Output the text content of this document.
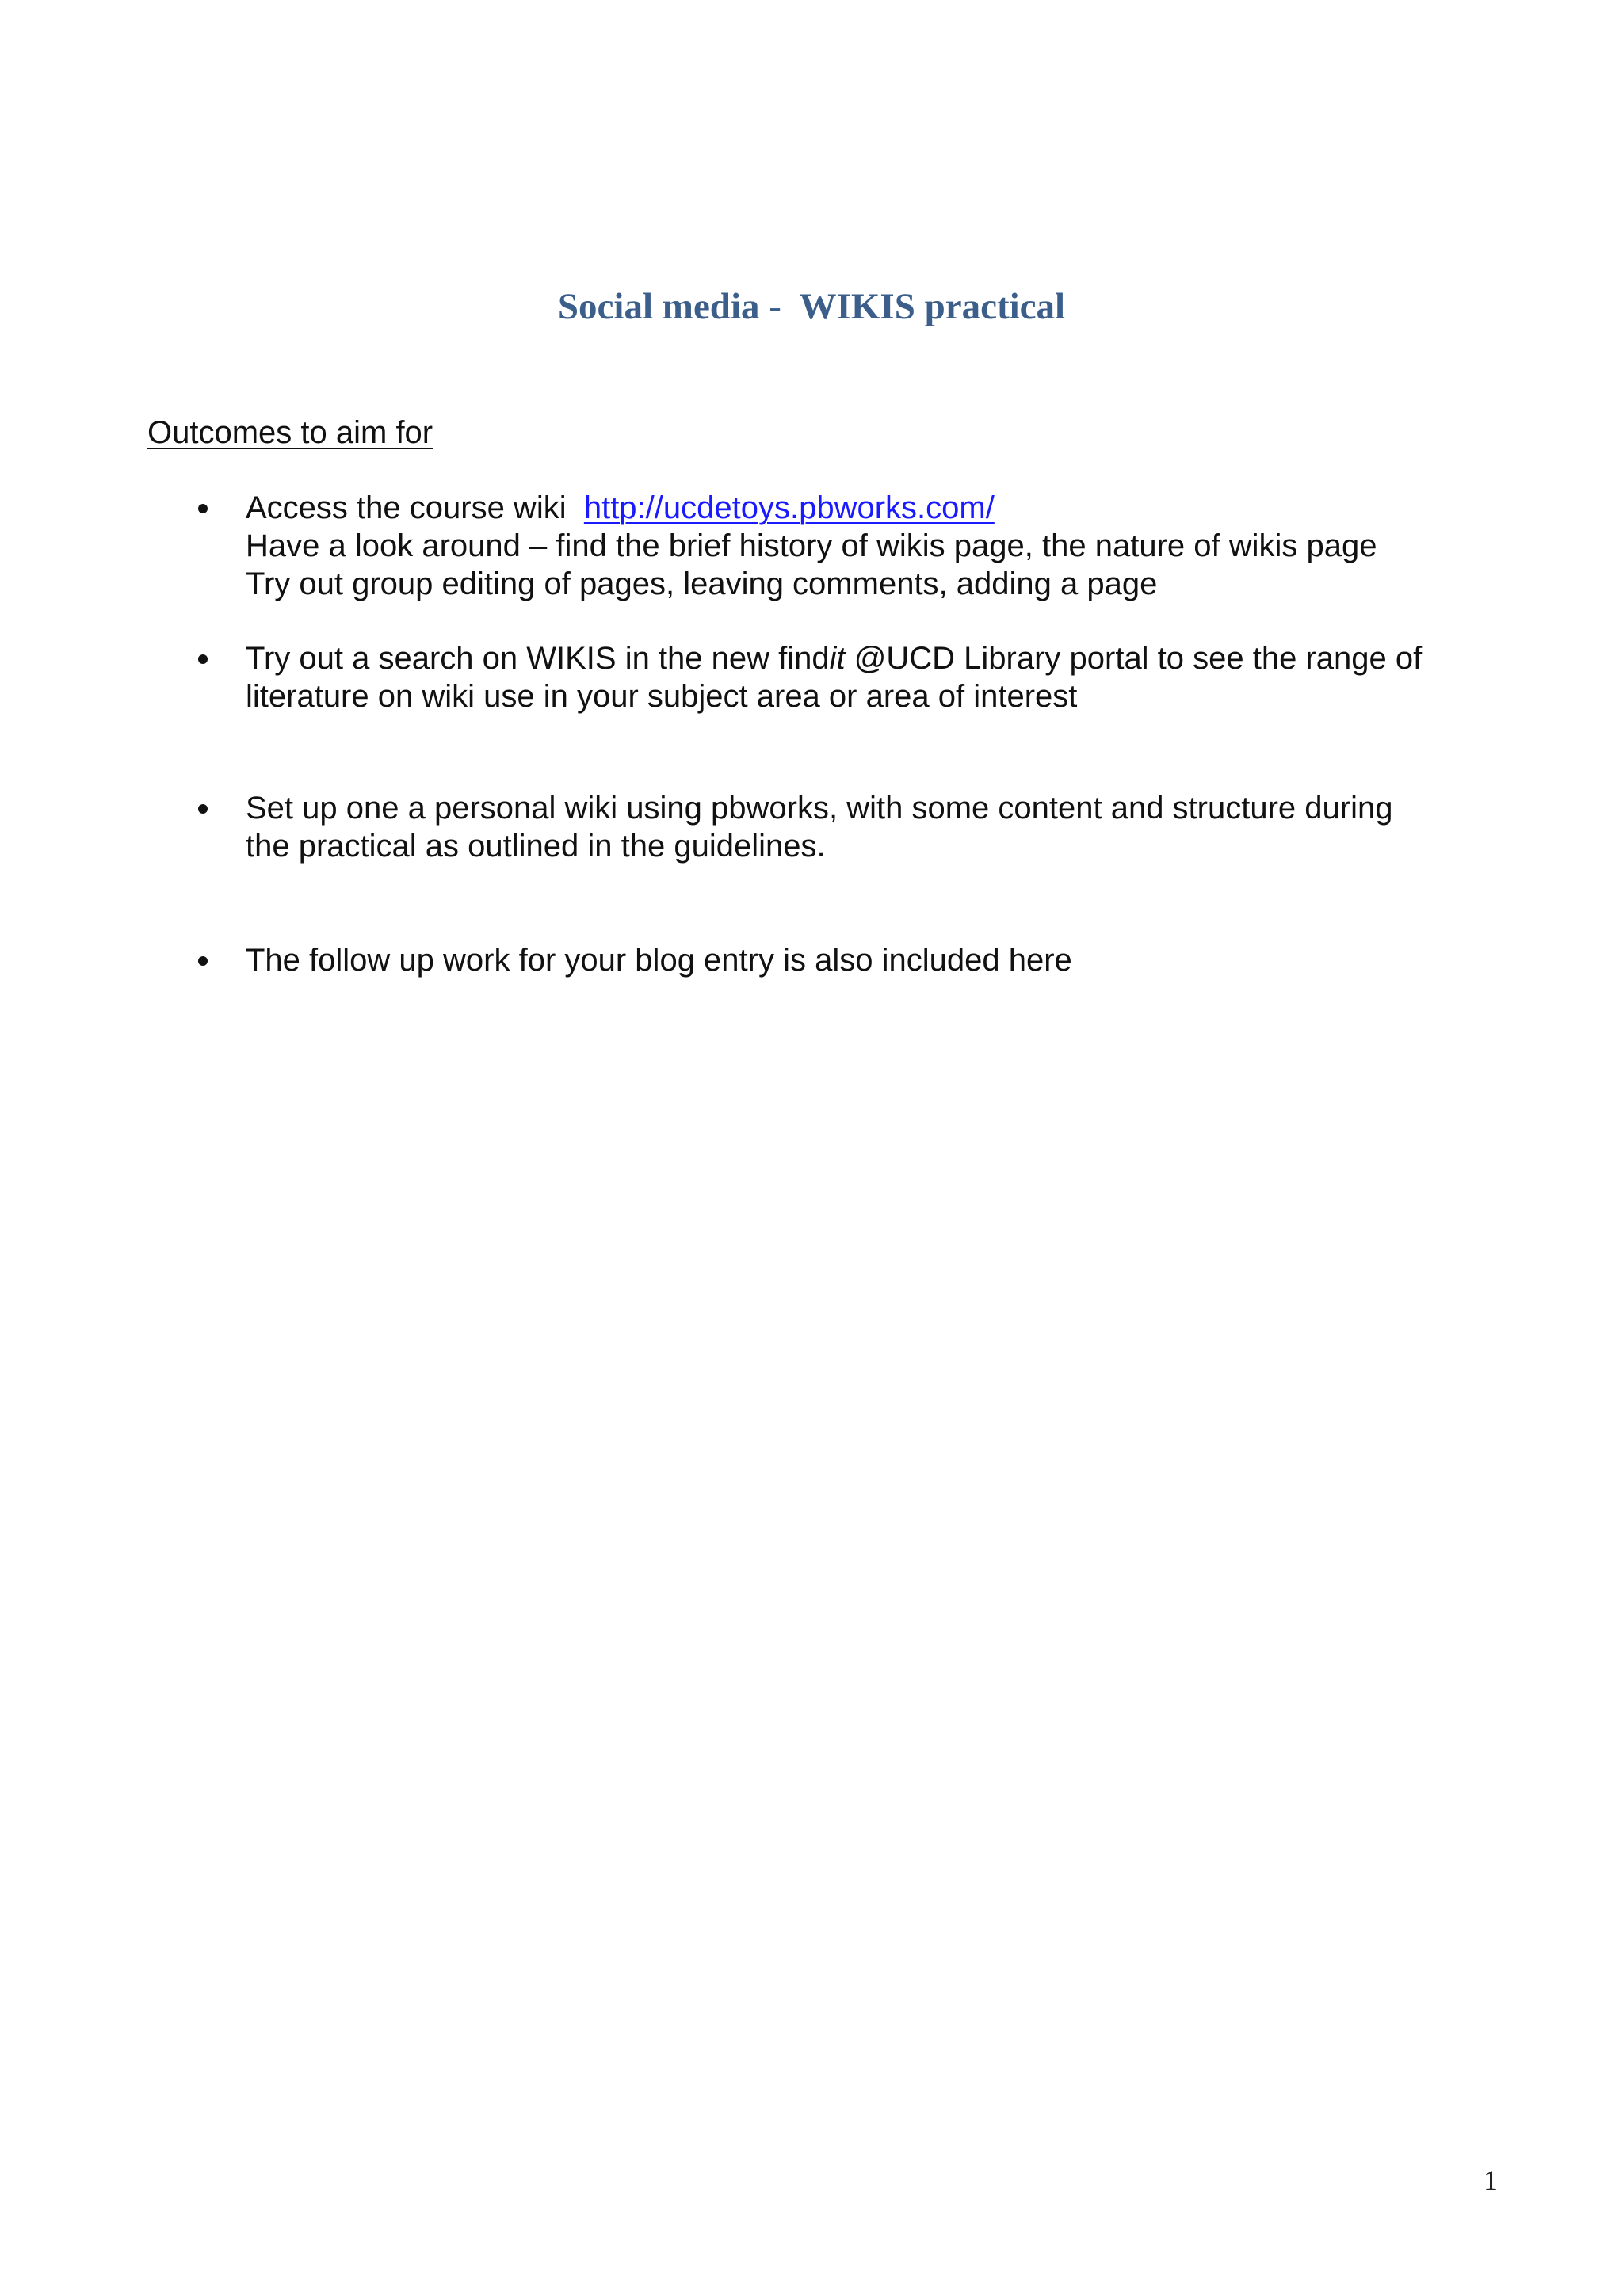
Social media -  WIKIS practical
Outcomes to aim for
Access the course wiki http://ucdetoys.pbworks.com/
Have a look around – find the brief history of wikis page, the nature of wikis page
Try out group editing of pages, leaving comments, adding a page
Try out a search on WIKIS in the new findit @UCD Library portal to see the range of
literature on wiki use in your subject area or area of interest
Set up one a personal wiki using pbworks, with some content and structure during
the practical as outlined in the guidelines.
The follow up work for your blog entry is also included here
1
